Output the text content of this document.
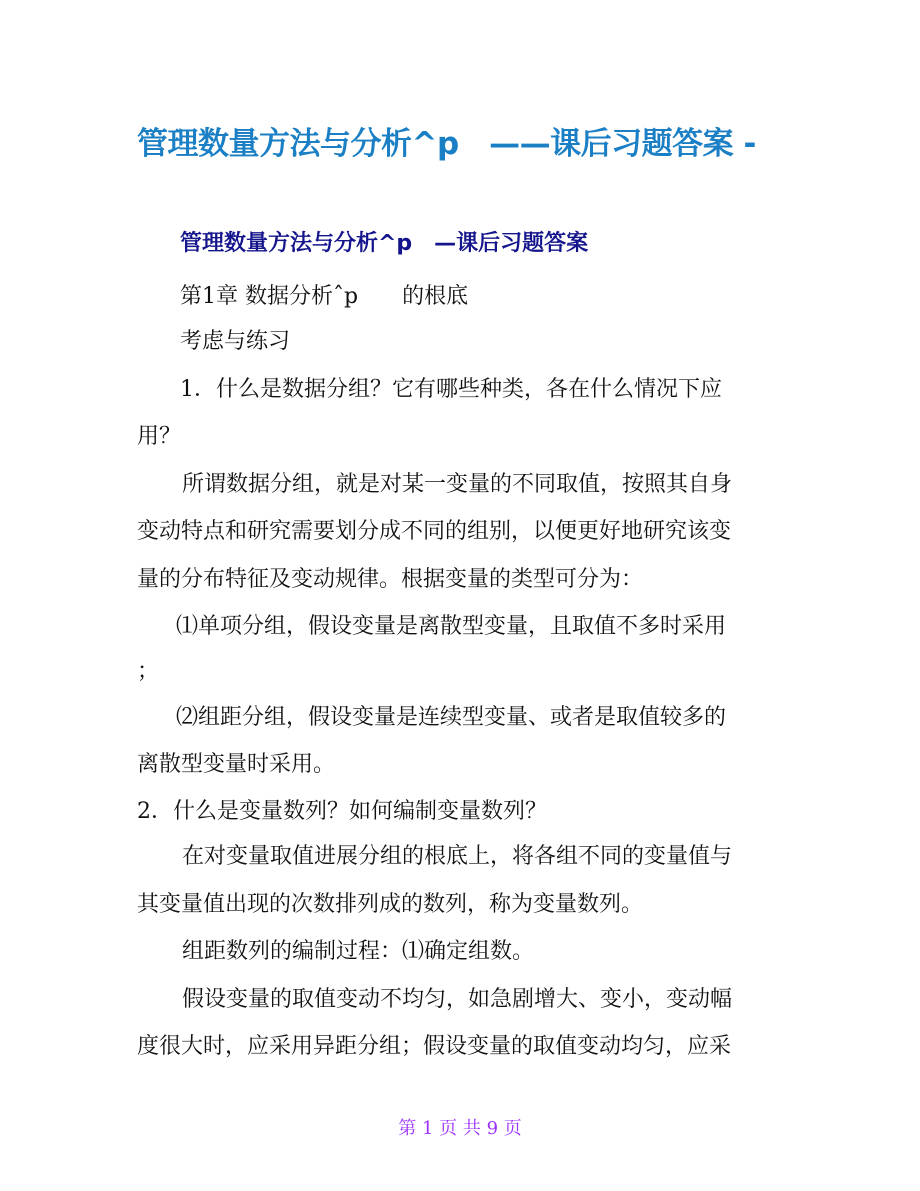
管理数量方法与分析^p　——课后习题答案 -
管理数量方法与分析^p　—课后习题答案
第1章 数据分析ˆp　　的根底
考虑与练习
1．什么是数据分组？它有哪些种类，各在什么情况下应
用？
所谓数据分组，就是对某一变量的不同取值，按照其自身
变动特点和研究需要划分成不同的组别，以便更好地研究该变
量的分布特征及变动规律。根据变量的类型可分为：
⑴单项分组，假设变量是离散型变量，且取值不多时采用
；
⑵组距分组，假设变量是连续型变量、或者是取值较多的
离散型变量时采用。
2．什么是变量数列？如何编制变量数列？
在对变量取值进展分组的根底上，将各组不同的变量值与
其变量值出现的次数排列成的数列，称为变量数列。
组距数列的编制过程：⑴确定组数。
假设变量的取值变动不均匀，如急剧增大、变小，变动幅
度很大时，应采用异距分组；假设变量的取值变动均匀，应采
第 1 页 共 9 页
